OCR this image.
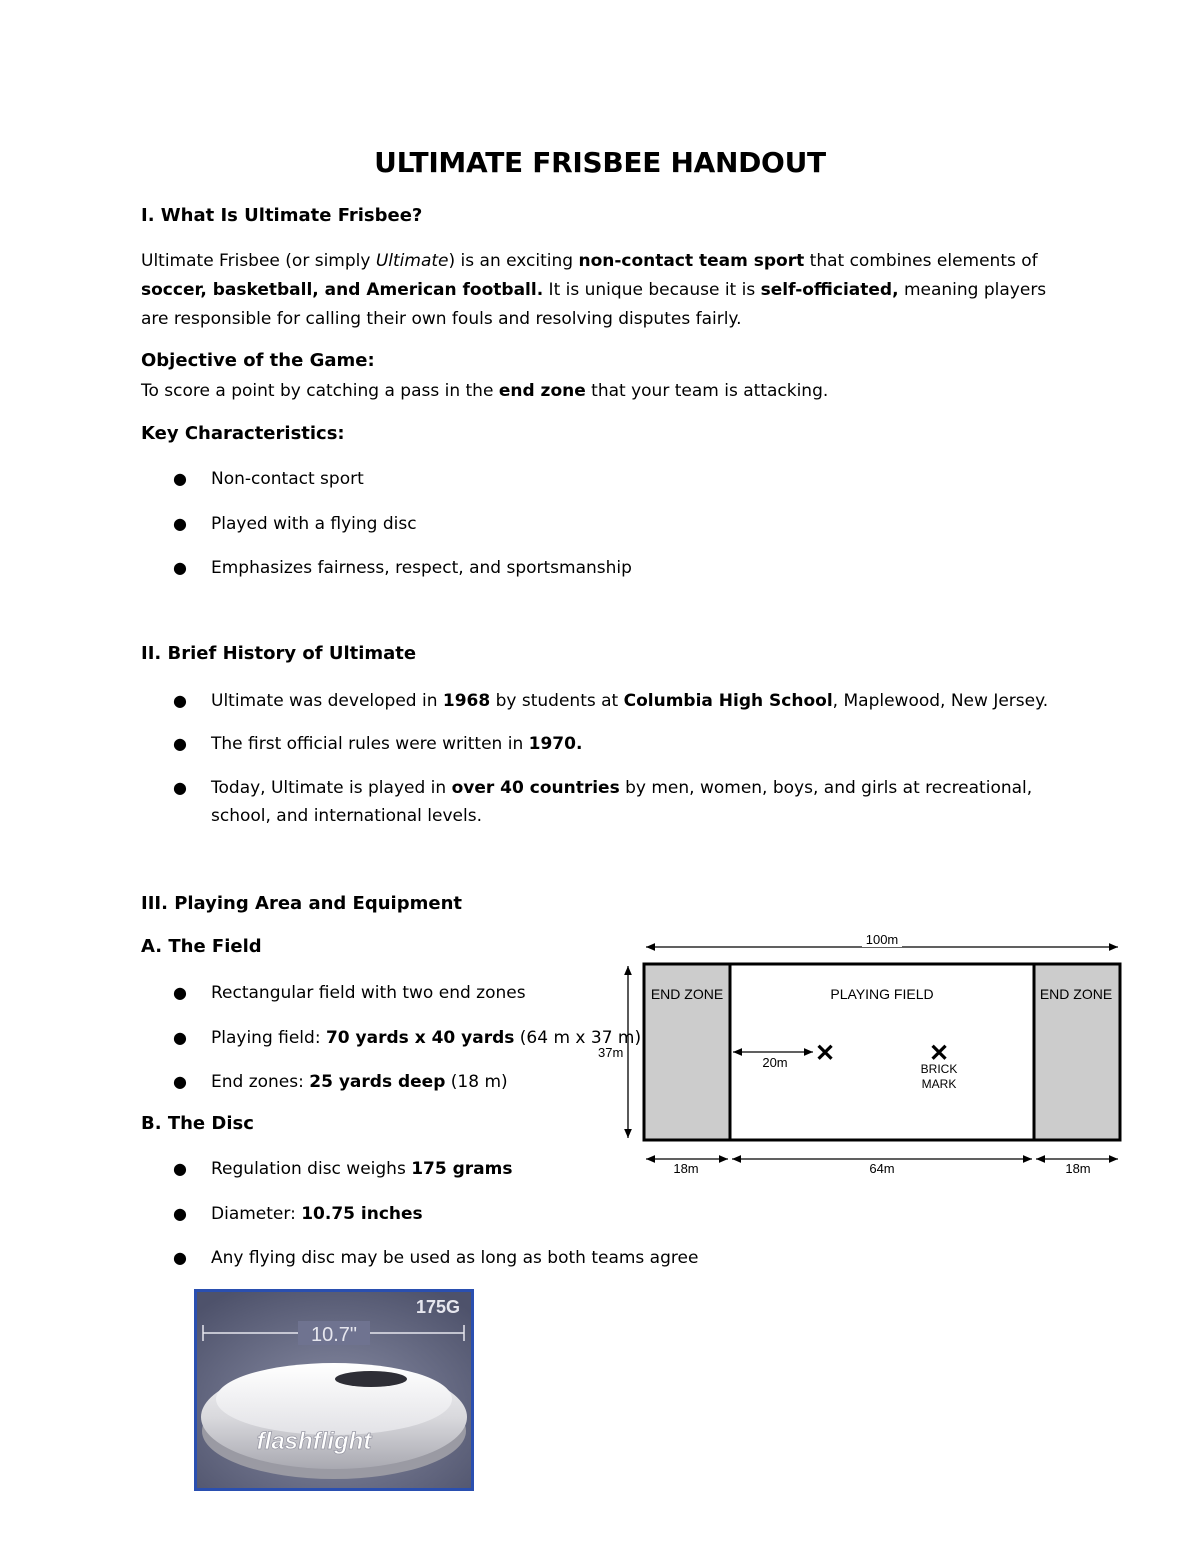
ULTIMATE FRISBEE HANDOUT
I. What Is Ultimate Frisbee?
Ultimate Frisbee (or simply Ultimate) is an exciting non-contact team sport that combines elements of soccer, basketball, and American football. It is unique because it is self-officiated, meaning players are responsible for calling their own fouls and resolving disputes fairly.
Objective of the Game:
To score a point by catching a pass in the end zone that your team is attacking.
Key Characteristics:
● Non-contact sport
● Played with a flying disc
● Emphasizes fairness, respect, and sportsmanship
II. Brief History of Ultimate
● Ultimate was developed in 1968 by students at Columbia High School, Maplewood, New Jersey.
● The first official rules were written in 1970.
● Today, Ultimate is played in over 40 countries by men, women, boys, and girls at recreational, school, and international levels.
III. Playing Area and Equipment
A. The Field
● Rectangular field with two end zones
● Playing field: 70 yards x 40 yards (64 m x 37 m)
● End zones: 25 yards deep (18 m)
B. The Disc
● Regulation disc weighs 175 grams
● Diameter: 10.75 inches
● Any flying disc may be used as long as both teams agree
100m
END ZONE	END ZONE
PLAYING FIELD
20m ✕	✕
BRICK
MARK
37m
18m	64m	18m
175G
10.7"
flashflight
